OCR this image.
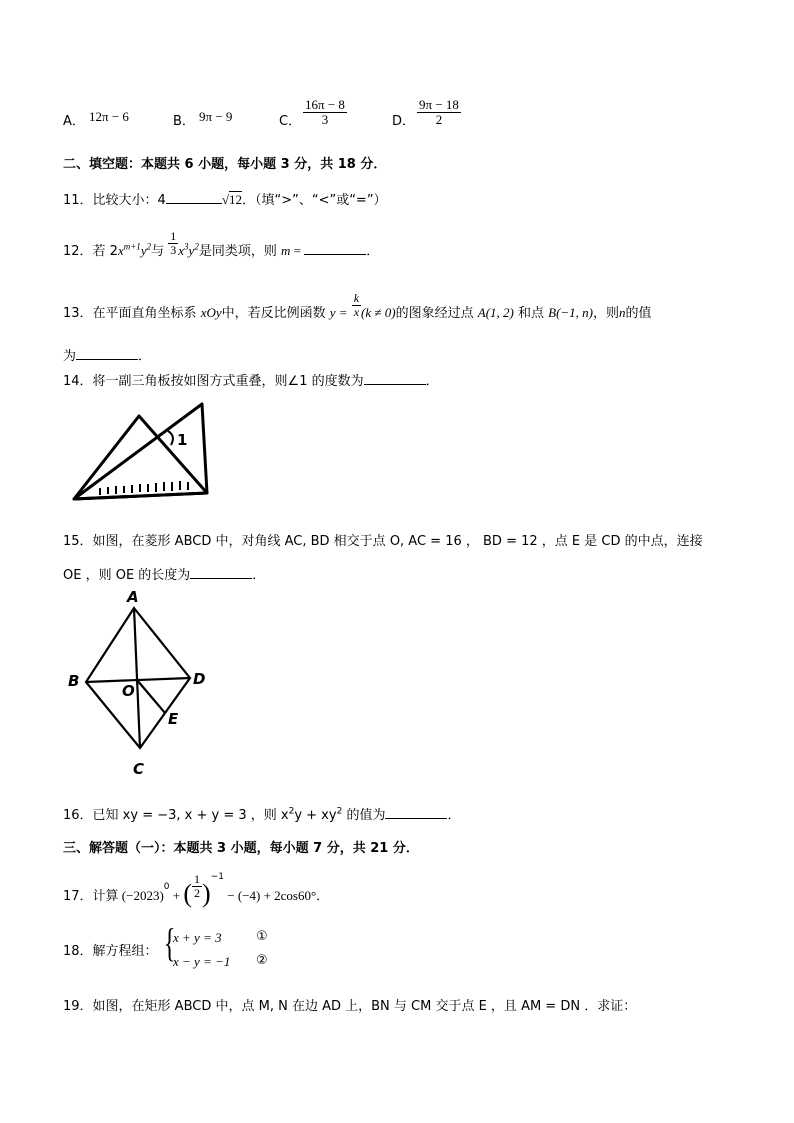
A． 12π − 6	B． 9π − 9	C． $\frac{16\pi - 8}{3}$	D． $\frac{9\pi - 18}{2}$
二、填空题：本题共 6 小题，每小题 3 分，共 18 分．
11．比较大小：4	√12．（填“>”、“<”或“=”）
12．若 $2x^{m+1}y^2$与 $\frac{1}{3} x^3y^2$是同类项，则 m =	．
13．在平面直角坐标系 xOy中，若反比例函数 $y = \frac{k}{x} (k \ne 0)$的图象经过点 A(1, 2) 和点 B(−1, n)，则n的值
为	．
14．将一副三角板按如图方式重叠，则∠1 的度数为	．
1
15．如图，在菱形 ABCD 中，对角线 AC, BD 相交于点 O, AC = 16 ， BD = 12 ，点 E 是 CD 的中点，连接
OE ，则 OE 的长度为	．
A
B	D
C
O
E
16．已知 xy = −3, x + y = 3 ，则 $x^2y + xy^2$ 的值为	．
三、解答题（一）：本题共 3 小题，每小题 7 分，共 21 分．
17．计算 $(-2023)^0$ + ( $\frac{1}{2} )^{-1} - (-4) + 2\cos 60^\circ$．
18．解方程组： {
x + y = 3
x − y = −1
①
②
19．如图，在矩形 ABCD 中，点 M, N 在边 AD 上，BN 与 CM 交于点 E ，且 AM = DN ．求证：
